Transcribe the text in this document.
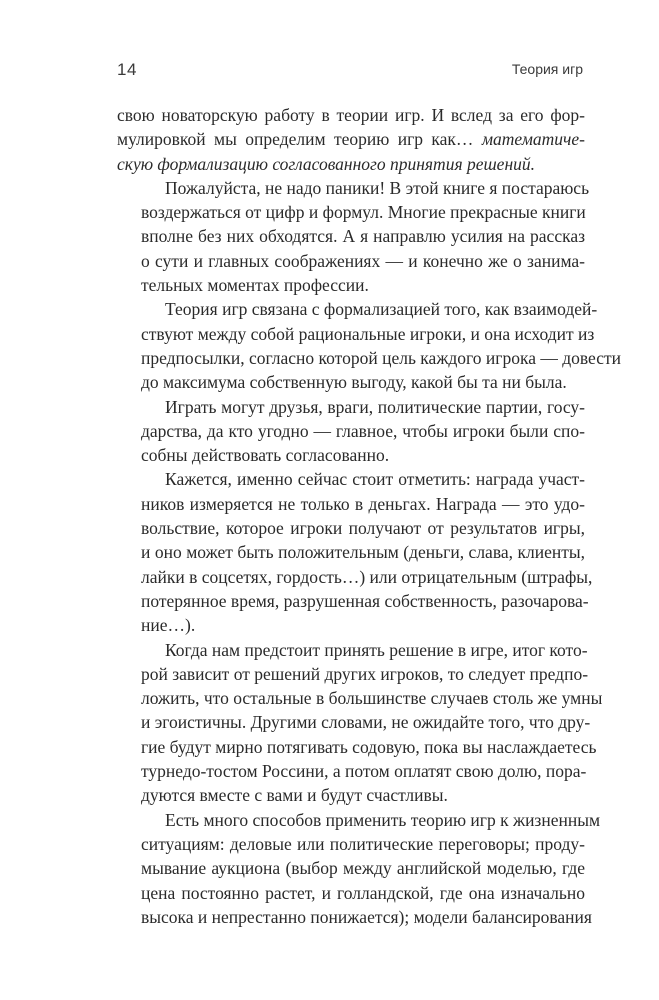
14	Теория игр

свою новаторскую работу в теории игр. И вслед за его фор-
мулировкой мы определим теорию игр как… математиче-
скую формализацию согласованного принятия решений.

Пожалуйста, не надо паники! В этой книге я постараюсь
воздержаться от цифр и формул. Многие прекрасные книги
вполне без них обходятся. А я направлю усилия на рассказ
о сути и главных соображениях — и конечно же о занима-
тельных моментах профессии.

Теория игр связана с формализацией того, как взаимодей-
ствуют между собой рациональные игроки, и она исходит из
предпосылки, согласно которой цель каждого игрока — довести
до максимума собственную выгоду, какой бы та ни была.

Играть могут друзья, враги, политические партии, госу-
дарства, да кто угодно — главное, чтобы игроки были спо-
собны действовать согласованно.

Кажется, именно сейчас стоит отметить: награда участ-
ников измеряется не только в деньгах. Награда — это удо-
вольствие, которое игроки получают от результатов игры,
и оно может быть положительным (деньги, слава, клиенты,
лайки в соцсетях, гордость…) или отрицательным (штрафы,
потерянное время, разрушенная собственность, разочарова-
ние…).

Когда нам предстоит принять решение в игре, итог кото-
рой зависит от решений других игроков, то следует предпо-
ложить, что остальные в большинстве случаев столь же умны
и эгоистичны. Другими словами, не ожидайте того, что дру-
гие будут мирно потягивать содовую, пока вы наслаждаетесь
турнедо-тостом Россини, а потом оплатят свою долю, пора-
дуются вместе с вами и будут счастливы.

Есть много способов применить теорию игр к жизненным
ситуациям: деловые или политические переговоры; проду-
мывание аукциона (выбор между английской моделью, где
цена постоянно растет, и голландской, где она изначально
высока и непрестанно понижается); модели балансирования
